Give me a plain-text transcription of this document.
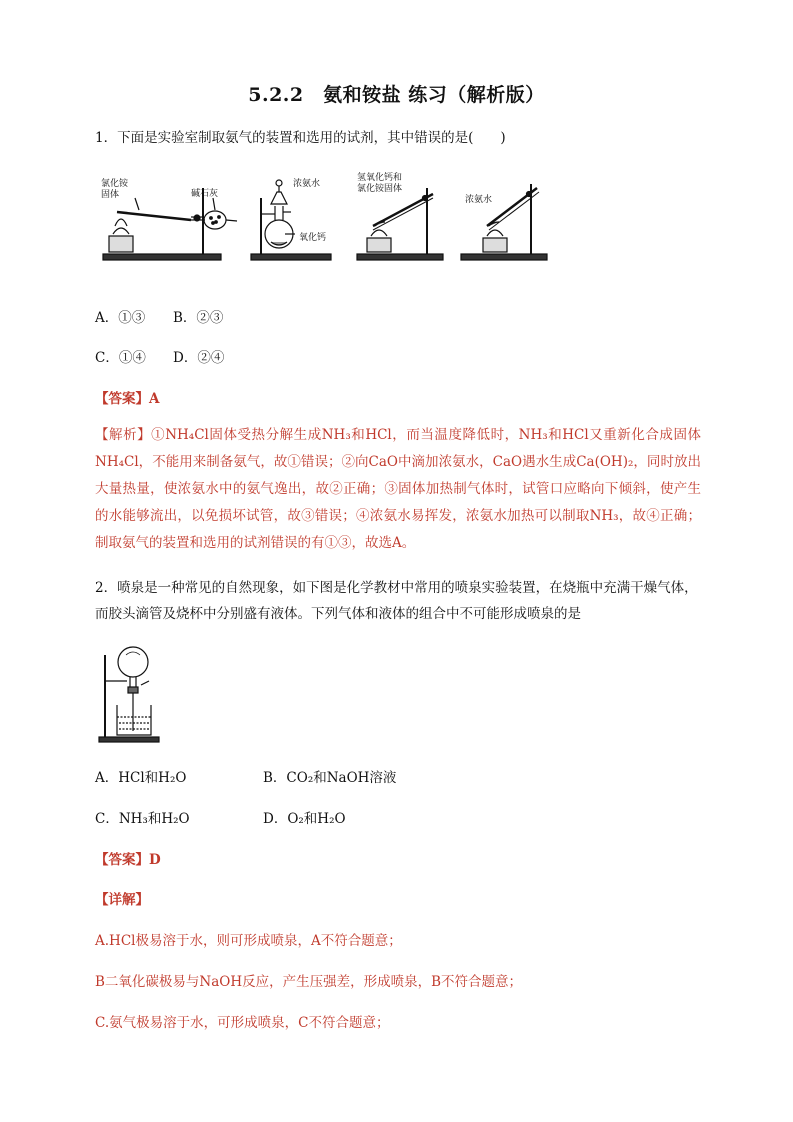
5.2.2　氨和铵盐 练习（解析版）
1．下面是实验室制取氨气的装置和选用的试剂，其中错误的是(　　)
氯化铵
固体	碱石灰
浓氨水
氧化钙
氢氧化钙和
氯化铵固体
浓氨水
A．①③ B．②③
C．①④ D．②④
【答案】A
【解析】①NH₄Cl固体受热分解生成NH₃和HCl，而当温度降低时，NH₃和HCl又重新化合成固体NH₄Cl，不能用来制备氨气，故①错误；②向CaO中滴加浓氨水，CaO遇水生成Ca(OH)₂，同时放出大量热量，使浓氨水中的氨气逸出，故②正确；③固体加热制气体时，试管口应略向下倾斜，使产生的水能够流出，以免损坏试管，故③错误；④浓氨水易挥发，浓氨水加热可以制取NH₃，故④正确；制取氨气的装置和选用的试剂错误的有①③，故选A。
2．喷泉是一种常见的自然现象，如下图是化学教材中常用的喷泉实验装置，在烧瓶中充满干燥气体，
而胶头滴管及烧杯中分别盛有液体。下列气体和液体的组合中不可能形成喷泉的是
A．HCl和H₂O	B．CO₂和NaOH溶液
C．NH₃和H₂O	D．O₂和H₂O
【答案】D
【详解】
A.HCl极易溶于水，则可形成喷泉，A不符合题意；
B二氧化碳极易与NaOH反应，产生压强差，形成喷泉，B不符合题意；
C.氨气极易溶于水，可形成喷泉，C不符合题意；
